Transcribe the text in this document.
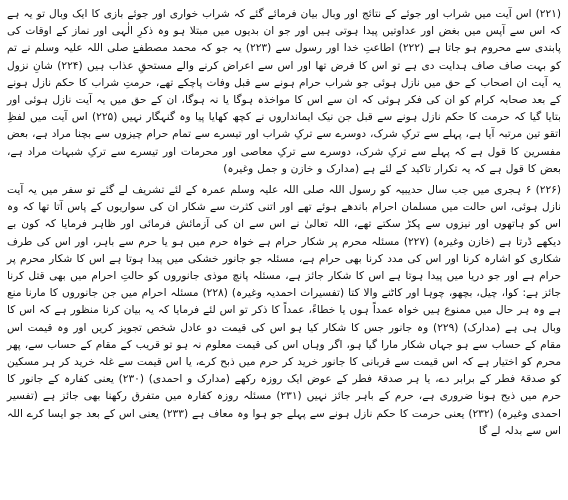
(۲۲۱) اس آیت میں شراب اور جوئے کے نتائج اور وبال بیان فرمائے گئے کہ شراب خواری اور جوئے بازی کا ایک وبال تو یہ ہے کہ اس سے آپس میں بغض اور عداوتیں پیدا ہوتی ہیں اور جو ان بدیوں میں مبتلا ہو وہ ذکرِ الٰہی اور نماز کے اوقات کی پابندی سے محروم ہو جاتا ہے (۲۲۲) اطاعتِ خدا اور رسول سے (۲۲۳) یہ جو کہ محمد مصطفےٰ صلی اللہ علیہ وسلم نے تم کو بہت صاف صاف ہدایت دی ہے تو اس کا فرض تھا اور اس سے اعراض کرنے والے مستحقِ عذاب ہیں (۲۲۴) شانِ نزول یہ آیت ان اصحاب کے حق میں نازل ہوئی جو شراب حرام ہونے سے قبل وفات پاچکے تھے، حرمتِ شراب کا حکم نازل ہونے کے بعد صحابہ کرام کو ان کی فکر ہوئی کہ ان سے اس کا مواخذہ ہوگا یا نہ ہوگا، ان کے حق میں یہ آیت نازل ہوئی اور بتایا گیا کہ حرمت کا حکم نازل ہونے سے قبل جن نیک ایمانداروں نے کچھ کھایا پیا وہ گنہگار نہیں (۲۲۵) اس آیت میں لفظِ اتقو تین مرتبہ آیا ہے، پہلے سے ترکِ شرک، دوسرے سے ترکِ شراب اور تیسرے سے تمام حرام چیزوں سے بچنا مراد ہے، بعض مفسرین کا قول ہے کہ پہلے سے ترکِ شرک، دوسرے سے ترکِ معاصی اور محرمات اور تیسرے سے ترکِ شبہات مراد ہے، بعض کا قول ہے کہ یہ تکرار تاکید کے لئے ہے (مدارک و خازن و جمل وغیرہ)

(۲۲۶) ۶ ہجری میں جب سال حدیبیہ کو رسول اللہ صلی اللہ علیہ وسلم عمرہ کے لئے تشریف لے گئے تو سفر میں یہ آیت نازل ہوئی، اس حالت میں مسلمان احرام باندھے ہوئے تھے اور اتنی کثرت سے شکار ان کی سواریوں کے پاس آتا تھا کہ وہ اس کو ہاتھوں اور نیزوں سے پکڑ سکتے تھے، اللہ تعالیٰ نے اس سے ان کی آزمائش فرمائی اور ظاہر فرمایا کہ کون بے دیکھے ڈرتا ہے (خازن وغیرہ) (۲۲۷) مسئلہ محرم پر شکار حرام ہے خواہ حرم میں ہو یا حرم سے باہر، اور اس کی طرف شکاری کو اشارہ کرنا اور اس کی مدد کرنا بھی حرام ہے، مسئلہ جو جانور خشکی میں پیدا ہوتا ہے اس کا شکار محرم پر حرام ہے اور جو دریا میں پیدا ہوتا ہے اس کا شکار جائز ہے، مسئلہ پانچ موذی جانوروں کو حالتِ احرام میں بھی قتل کرنا جائز ہے: کوا، چیل، بچھو، چوہا اور کاٹنے والا کتا (تفسیرات احمدیہ وغیرہ) (۲۲۸) مسئلہ احرام میں جن جانوروں کا مارنا منع ہے وہ ہر حال میں ممنوع ہیں خواہ عمداً ہوں یا خطاءً، عمداً کا ذکر تو اس لئے فرمایا کہ یہ بیان کرنا منظور ہے کہ اس کا وبال ہی ہے (مدارک) (۲۲۹) وہ جانور جس کا شکار کیا ہو اس کی قیمت دو عادل شخص تجویز کریں اور وہ قیمت اس مقام کے حساب سے ہو جہاں شکار مارا گیا ہو، اگر وہاں اس کی قیمت معلوم نہ ہو تو قریب کے مقام کے حساب سے، پھر محرم کو اختیار ہے کہ اس قیمت سے قربانی کا جانور خرید کر حرم میں ذبح کرے، یا اس قیمت سے غلہ خرید کر ہر مسکین کو صدقۂ فطر کے برابر دے، یا ہر صدقۂ فطر کے عوض ایک روزہ رکھے (مدارک و احمدی) (۲۳۰) یعنی کفارہ کے جانور کا حرم میں ذبح ہونا ضروری ہے، حرم کے باہر جائز نہیں (۲۳۱) مسئلہ روزہ کفارہ میں متفرق رکھنا بھی جائز ہے (تفسیر احمدی وغیرہ) (۲۳۲) یعنی حرمت کا حکم نازل ہونے سے پہلے جو ہوا وہ معاف ہے (۲۳۳) یعنی اس کے بعد جو ایسا کرے اللہ اس سے بدلہ لے گا
